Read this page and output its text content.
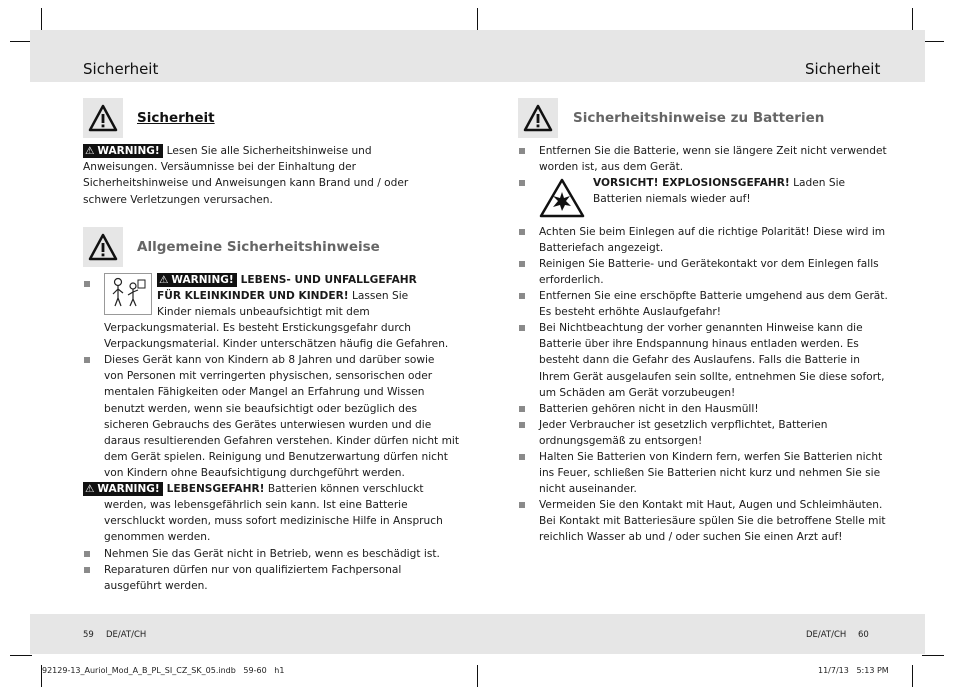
Sicherheit	Sicherheit
Sicherheit
⚠ WARNING! Lesen Sie alle Sicherheitshinweise und
Anweisungen. Versäumnisse bei der Einhaltung der
Sicherheitshinweise und Anweisungen kann Brand und / oder
schwere Verletzungen verursachen.
Allgemeine Sicherheitshinweise
⚠ WARNING! LEBENS- UND UNFALLGEFAHR
FÜR KLEINKINDER UND KINDER! Lassen Sie
Kinder niemals unbeaufsichtigt mit dem
Verpackungsmaterial. Es besteht Erstickungsgefahr durch
Verpackungsmaterial. Kinder unterschätzen häufig die Gefahren.
Dieses Gerät kann von Kindern ab 8 Jahren und darüber sowie
von Personen mit verringerten physischen, sensorischen oder
mentalen Fähigkeiten oder Mangel an Erfahrung und Wissen
benutzt werden, wenn sie beaufsichtigt oder bezüglich des
sicheren Gebrauchs des Gerätes unterwiesen wurden und die
daraus resultierenden Gefahren verstehen. Kinder dürfen nicht mit
dem Gerät spielen. Reinigung und Benutzerwartung dürfen nicht
von Kindern ohne Beaufsichtigung durchgeführt werden.
⚠ WARNING! LEBENSGEFAHR! Batterien können verschluckt
werden, was lebensgefährlich sein kann. Ist eine Batterie
verschluckt worden, muss sofort medizinische Hilfe in Anspruch
genommen werden.
Nehmen Sie das Gerät nicht in Betrieb, wenn es beschädigt ist.
Reparaturen dürfen nur von qualifiziertem Fachpersonal
ausgeführt werden.
Sicherheitshinweise zu Batterien
Entfernen Sie die Batterie, wenn sie längere Zeit nicht verwendet
worden ist, aus dem Gerät.
VORSICHT! EXPLOSIONSGEFAHR! Laden Sie
Batterien niemals wieder auf!
Achten Sie beim Einlegen auf die richtige Polarität! Diese wird im
Batteriefach angezeigt.
Reinigen Sie Batterie- und Gerätekontakt vor dem Einlegen falls
erforderlich.
Entfernen Sie eine erschöpfte Batterie umgehend aus dem Gerät.
Es besteht erhöhte Auslaufgefahr!
Bei Nichtbeachtung der vorher genannten Hinweise kann die
Batterie über ihre Endspannung hinaus entladen werden. Es
besteht dann die Gefahr des Auslaufens. Falls die Batterie in
Ihrem Gerät ausgelaufen sein sollte, entnehmen Sie diese sofort,
um Schäden am Gerät vorzubeugen!
Batterien gehören nicht in den Hausmüll!
Jeder Verbraucher ist gesetzlich verpflichtet, Batterien
ordnungsgemäß zu entsorgen!
Halten Sie Batterien von Kindern fern, werfen Sie Batterien nicht
ins Feuer, schließen Sie Batterien nicht kurz und nehmen Sie sie
nicht auseinander.
Vermeiden Sie den Kontakt mit Haut, Augen und Schleimhäuten.
Bei Kontakt mit Batteriesäure spülen Sie die betroffene Stelle mit
reichlich Wasser ab und / oder suchen Sie einen Arzt auf!
59 DE/AT/CH	DE/AT/CH 60
92129-13_Auriol_Mod_A_B_PL_SI_CZ_SK_05.indb   59-60   h1	11/7/13   5:13 PM
